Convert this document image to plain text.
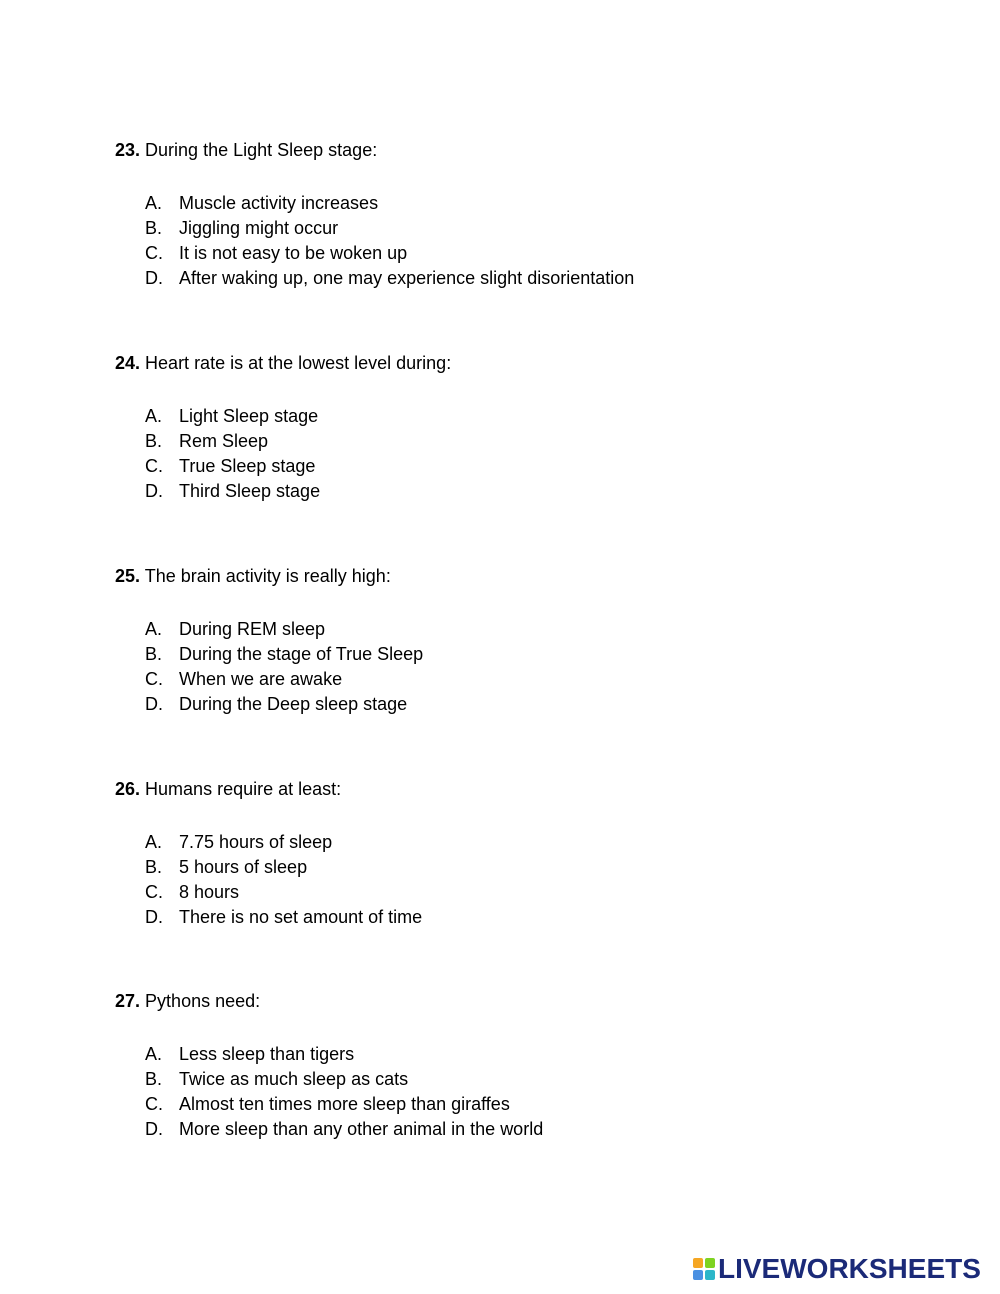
23. During the Light Sleep stage:
A. Muscle activity increases
B. Jiggling might occur
C. It is not easy to be woken up
D. After waking up, one may experience slight disorientation
24. Heart rate is at the lowest level during:
A. Light Sleep stage
B. Rem Sleep
C. True Sleep stage
D. Third Sleep stage
25. The brain activity is really high:
A. During REM sleep
B. During the stage of True Sleep
C. When we are awake
D. During the Deep sleep stage
26. Humans require at least:
A. 7.75 hours of sleep
B. 5 hours of sleep
C. 8 hours
D. There is no set amount of time
27. Pythons need:
A. Less sleep than tigers
B. Twice as much sleep as cats
C. Almost ten times more sleep than giraffes
D. More sleep than any other animal in the world
LIVEWORKSHEETS
